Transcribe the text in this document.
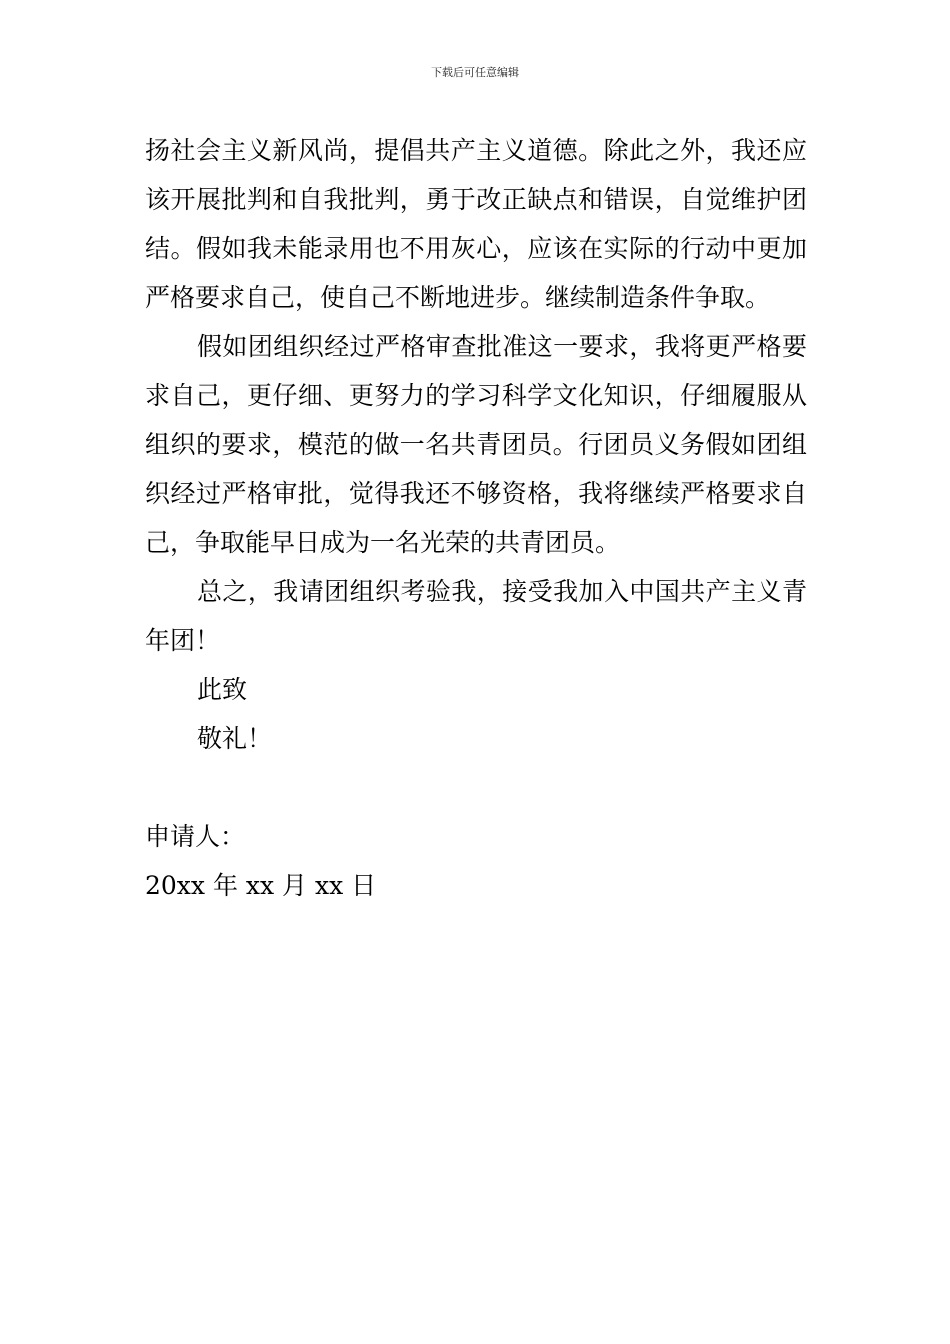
下载后可任意编辑

扬社会主义新风尚，提倡共产主义道德。除此之外，我还应该开展批判和自我批判，勇于改正缺点和错误，自觉维护团结。假如我未能录用也不用灰心，应该在实际的行动中更加严格要求自己，使自己不断地进步。继续制造条件争取。

假如团组织经过严格审查批准这一要求，我将更严格要求自己，更仔细、更努力的学习科学文化知识，仔细履服从组织的要求，模范的做一名共青团员。行团员义务假如团组织经过严格审批，觉得我还不够资格，我将继续严格要求自己，争取能早日成为一名光荣的共青团员。

总之，我请团组织考验我，接受我加入中国共产主义青年团！

此致

敬礼！

申请人：

20xx 年 xx 月 xx 日
